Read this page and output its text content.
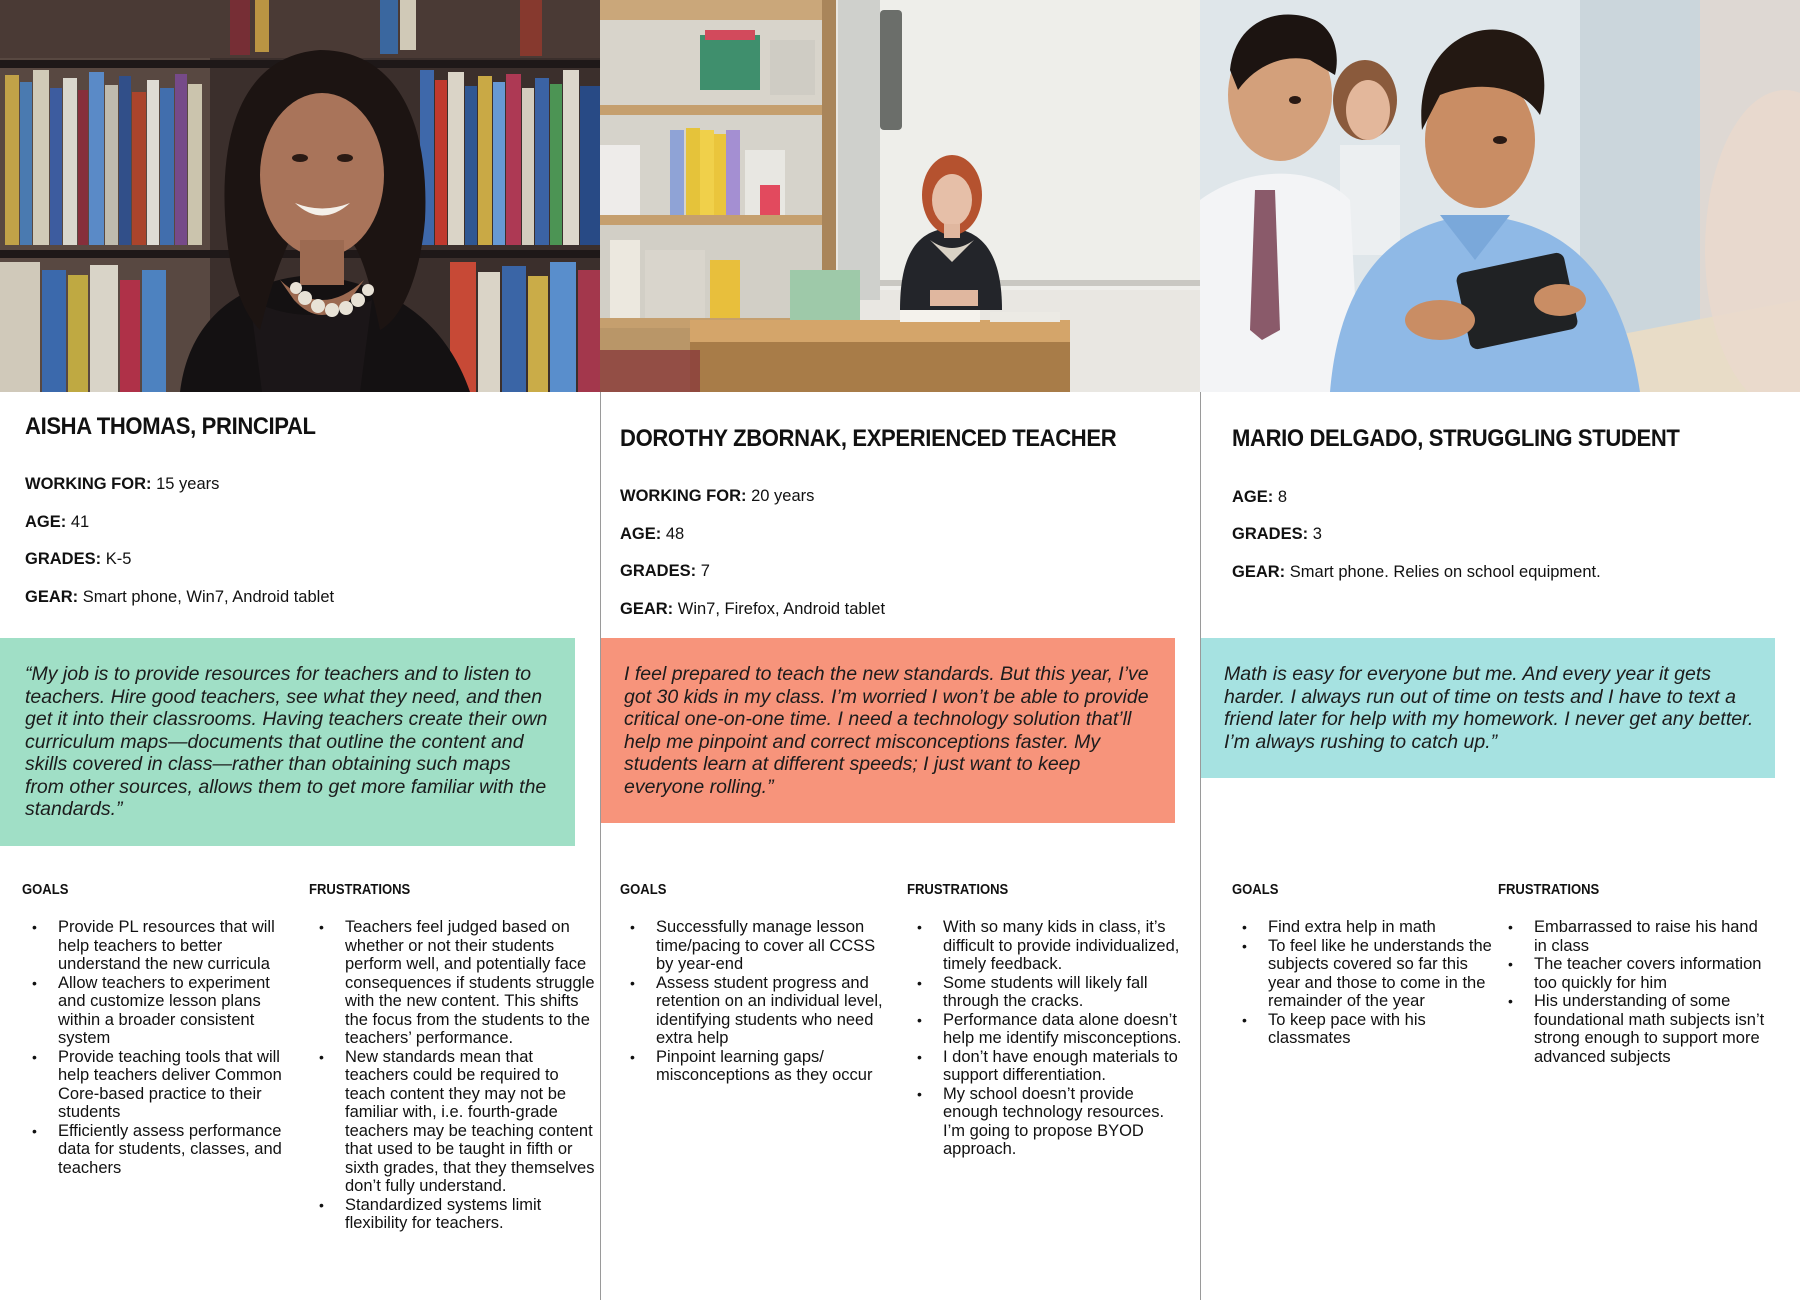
AISHA THOMAS, PRINCIPAL
WORKING FOR: 15 years
AGE: 41
GRADES: K-5
GEAR: Smart phone, Win7, Android tablet
“My job is to provide resources for teachers and to listen to teachers. Hire good teachers, see what they need, and then get it into their classrooms. Having teachers create their own curriculum maps—documents that outline the content and skills covered in class—rather than obtaining such maps from other sources, allows them to get more familiar with the standards.”
GOALS
• Provide PL resources that will help teachers to better understand the new curricula
• Allow teachers to experiment and customize lesson plans within a broader consistent system
• Provide teaching tools that will help teachers deliver Common Core-based practice to their students
• Efficiently assess performance data for students, classes, and teachers
FRUSTRATIONS
• Teachers feel judged based on whether or not their students perform well, and potentially face consequences if students struggle with the new content. This shifts the focus from the students to the teachers’ performance.
• New standards mean that teachers could be required to teach content they may not be familiar with, i.e. fourth-grade teachers may be teaching content that used to be taught in fifth or sixth grades, that they themselves don’t fully understand.
• Standardized systems limit flexibility for teachers.
DOROTHY ZBORNAK, EXPERIENCED TEACHER
WORKING FOR: 20 years
AGE: 48
GRADES: 7
GEAR: Win7, Firefox, Android tablet
I feel prepared to teach the new standards. But this year, I’ve got 30 kids in my class. I’m worried I won’t be able to provide critical one-on-one time. I need a technology solution that’ll help me pinpoint and correct misconceptions faster. My students learn at different speeds; I just want to keep everyone rolling.”
GOALS
• Successfully manage lesson time/pacing to cover all CCSS by year-end
• Assess student progress and retention on an individual level, identifying students who need extra help
• Pinpoint learning gaps/ misconceptions as they occur
FRUSTRATIONS
• With so many kids in class, it’s difficult to provide individualized, timely feedback.
• Some students will likely fall through the cracks.
• Performance data alone doesn’t help me identify misconceptions.
• I don’t have enough materials to support differentiation.
• My school doesn’t provide enough technology resources. I’m going to propose BYOD approach.
MARIO DELGADO, STRUGGLING STUDENT
AGE: 8
GRADES: 3
GEAR: Smart phone. Relies on school equipment.
Math is easy for everyone but me. And every year it gets harder. I always run out of time on tests and I have to text a friend later for help with my homework. I never get any better. I’m always rushing to catch up.”
GOALS
• Find extra help in math
• To feel like he understands the subjects covered so far this year and those to come in the remainder of the year
• To keep pace with his classmates
FRUSTRATIONS
• Embarrassed to raise his hand in class
• The teacher covers information too quickly for him
• His understanding of some foundational math subjects isn’t strong enough to support more advanced subjects
